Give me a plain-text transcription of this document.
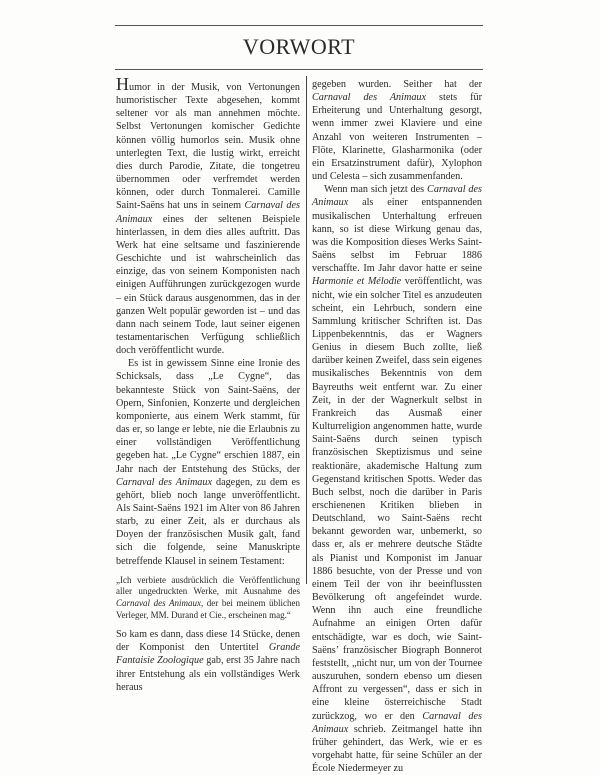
VORWORT

Humor in der Musik, von Vertonungen humoristischer Texte abgesehen, kommt seltener vor als man annehmen möchte. Selbst Vertonungen komischer Gedichte können völlig humorlos sein. Musik ohne unterlegten Text, die lustig wirkt, erreicht dies durch Parodie, Zitate, die tongetreu übernommen oder verfremdet werden können, oder durch Tonmalerei. Camille Saint-Saëns hat uns in seinem Carnaval des Animaux eines der seltenen Beispiele hinterlassen, in dem dies alles auftritt. Das Werk hat eine seltsame und faszinierende Geschichte und ist wahrscheinlich das einzige, das von seinem Komponisten nach einigen Aufführungen zurückgezogen wurde – ein Stück daraus ausgenommen, das in der ganzen Welt populär geworden ist – und das dann nach seinem Tode, laut seiner eigenen testamentarischen Verfügung schließlich doch veröffentlicht wurde.

Es ist in gewissem Sinne eine Ironie des Schicksals, dass „Le Cygne“, das bekannteste Stück von Saint-Saëns, der Opern, Sinfonien, Konzerte und dergleichen komponierte, aus einem Werk stammt, für das er, so lange er lebte, nie die Erlaubnis zu einer vollständigen Veröffentlichung gegeben hat. „Le Cygne“ erschien 1887, ein Jahr nach der Entstehung des Stücks, der Carnaval des Animaux dagegen, zu dem es gehört, blieb noch lange unveröffentlicht. Als Saint-Saëns 1921 im Alter von 86 Jahren starb, zu einer Zeit, als er durchaus als Doyen der französischen Musik galt, fand sich die folgende, seine Manuskripte betreffende Klausel in seinem Testament:

„Ich verbiete ausdrücklich die Veröffentlichung aller ungedruckten Werke, mit Ausnahme des Carnaval des Animaux, der bei meinem üblichen Verleger, MM. Durand et Cie., erscheinen mag.“

So kam es dann, dass diese 14 Stücke, denen der Komponist den Untertitel Grande Fantaisie Zoologique gab, erst 35 Jahre nach ihrer Entstehung als ein vollständiges Werk heraus

gegeben wurden. Seither hat der Carnaval des Animaux stets für Erheiterung und Unterhaltung gesorgt, wenn immer zwei Klaviere und eine Anzahl von weiteren Instrumenten – Flöte, Klarinette, Glasharmonika (oder ein Ersatzinstrument dafür), Xylophon und Celesta – sich zusammenfanden.

Wenn man sich jetzt des Carnaval des Animaux als einer entspannenden musikalischen Unterhaltung erfreuen kann, so ist diese Wirkung genau das, was die Komposition dieses Werks Saint-Saëns selbst im Februar 1886 verschaffte. Im Jahr davor hatte er seine Harmonie et Mélodie veröffentlicht, was nicht, wie ein solcher Titel es anzudeuten scheint, ein Lehrbuch, sondern eine Sammlung kritischer Schriften ist. Das Lippenbekenntnis, das er Wagners Genius in diesem Buch zollte, ließ darüber keinen Zweifel, dass sein eigenes musikalisches Bekenntnis von dem Bayreuths weit entfernt war. Zu einer Zeit, in der der Wagnerkult selbst in Frankreich das Ausmaß einer Kulturreligion angenommen hatte, wurde Saint-Saëns durch seinen typisch französischen Skeptizismus und seine reaktionäre, akademische Haltung zum Gegenstand kritischen Spotts. Weder das Buch selbst, noch die darüber in Paris erschienenen Kritiken blieben in Deutschland, wo Saint-Saëns recht bekannt geworden war, unbemerkt, so dass er, als er mehrere deutsche Städte als Pianist und Komponist im Januar 1886 besuchte, von der Presse und von einem Teil der von ihr beeinflussten Bevölkerung oft angefeindet wurde. Wenn ihn auch eine freundliche Aufnahme an einigen Orten dafür entschädigte, war es doch, wie Saint-Saëns’ französischer Biograph Bonnerot feststellt, „nicht nur, um von der Tournee auszuruhen, sondern ebenso um diesen Affront zu vergessen“, dass er sich in eine kleine österreichische Stadt zurückzog, wo er den Carnaval des Animaux schrieb. Zeitmangel hatte ihn früher gehindert, das Werk, wie er es vorgehabt hatte, für seine Schüler an der École Niedermeyer zu
